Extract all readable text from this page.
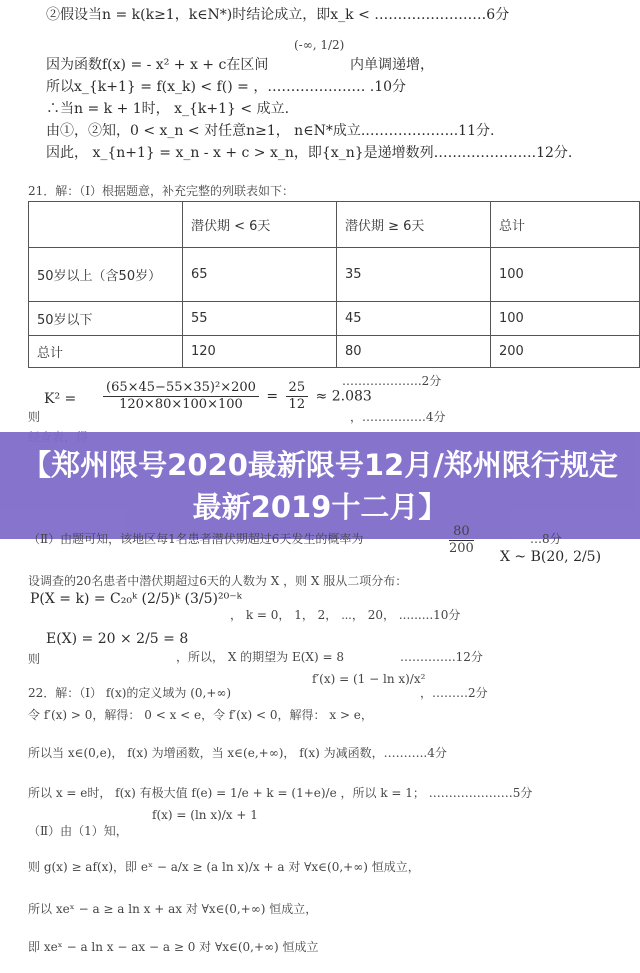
②假设当n = k(k≥1，k∈N*)时结论成立，即x_k < ……………………6分
因为函数f(x) = - x² + x + c在区间
(-∞, 1/2)
内单调递增，
所以x_{k+1} = f(x_k) < f() = ，………………… .10分
∴当n = k + 1时， x_{k+1} < 成立.
由①，②知，0 < x_n < 对任意n≥1， n∈N*成立.………………..11分.
因此， x_{n+1} = x_n - x + c > x_n，即{x_n}是递增数列………………….12分.
21．解：（Ⅰ）根据题意，补充完整的列联表如下：
	潜伏期 < 6天	潜伏期 ≥ 6天	总计
50岁以上（含50岁）	65	35	100
50岁以下	55	45	100
总计	120	80	200
………………..2分
$K^2 = \frac{\text{(65×45−55×35)²×200}}{120\times 80\times 100\times 100} = \frac{25}{12} \approx 2.083$
则	，…………….4分
【郑州限号2020最新限号12月/郑州限行规定最新2019十二月】
（Ⅱ）由题可知，该地区每1名患者潜伏期超过6天发生的概率为	$\frac{80}{200}$	…8分
X ~ B(20, 2/5)
设调查的20名患者中潜伏期超过6天的人数为 X ，则 X 服从二项分布：
P(X = k) = C₂₀ᵏ (2/5)ᵏ (3/5)²⁰⁻ᵏ
， k = 0， 1， 2， ⋯， 20， .........10分
则
E(X) = 20 × 2/5 = 8
，所以， X 的期望为 E(X) = 8	…………..12分
22．解：（Ⅰ） f(x)的定义域为 (0,+∞)
f′(x) = (1 − ln x)/x²
，………2分
令 f′(x) > 0，解得： 0 < x < e，令 f′(x) < 0，解得： x > e，
所以当 x∈(0,e)， f(x) 为增函数，当 x∈(e,+∞)， f(x) 为减函数，………..4分
所以 x = e时， f(x) 有极大值 f(e) = 1/e + k = (1+e)/e ，所以 k = 1； …………………5分
（Ⅱ）由（1）知，
f(x) = (ln x)/x + 1
则 g(x) ≥ af(x)，即 eˣ − a/x ≥ (a ln x)/x + a 对 ∀x∈(0,+∞) 恒成立，
所以 xeˣ − a ≥ a ln x + ax 对 ∀x∈(0,+∞) 恒成立，
即 xeˣ − a ln x − ax − a ≥ 0 对 ∀x∈(0,+∞) 恒成立
